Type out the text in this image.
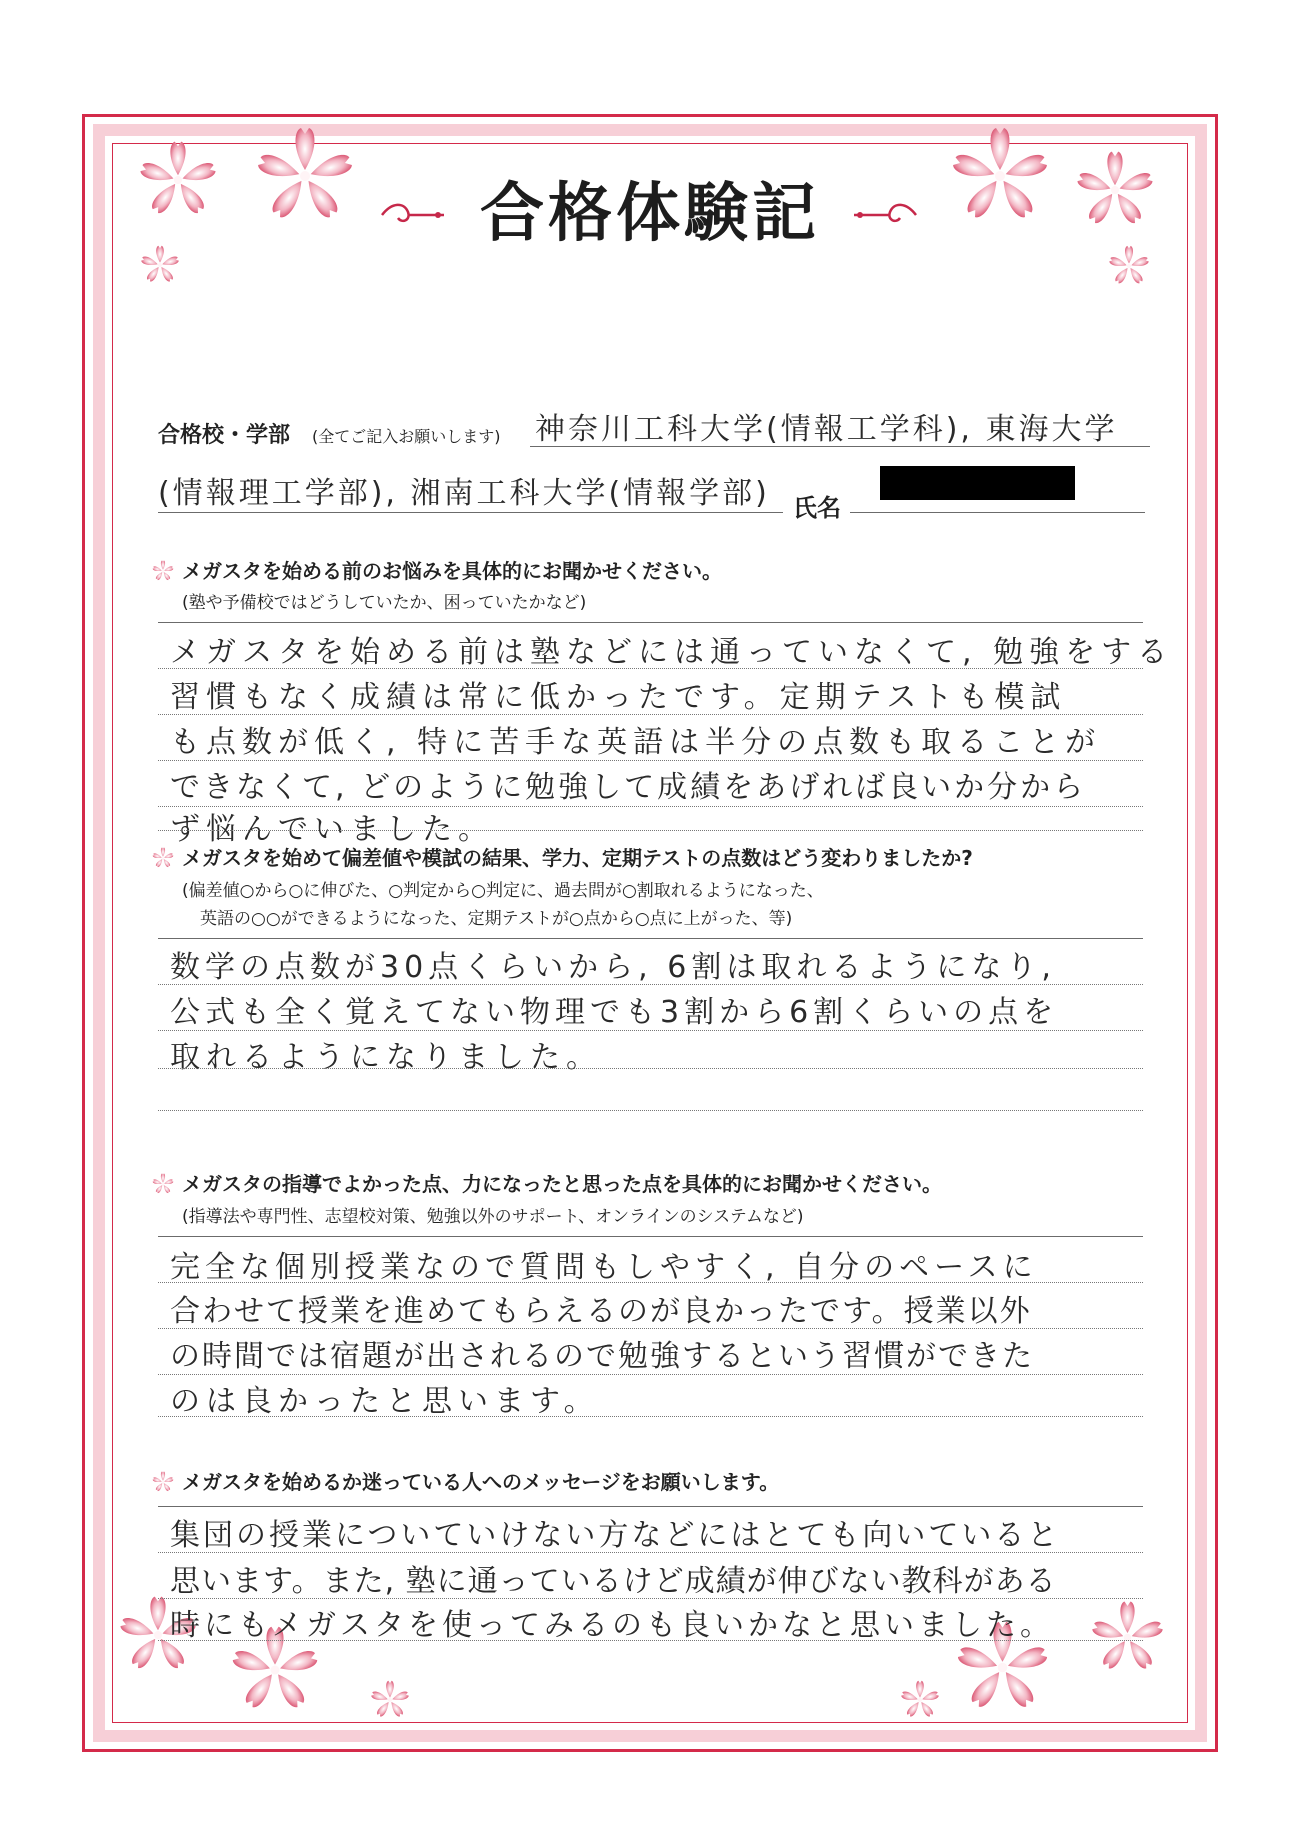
合格体験記
合格校・学部 (全てご記入お願いします) 神奈川工科大学(情報工学科), 東海大学
(情報理工学部), 湘南工科大学(情報学部) 氏名
メガスタを始める前のお悩みを具体的にお聞かせください。
(塾や予備校ではどうしていたか、困っていたかなど)
メガスタを始める前は塾などには通っていなくて, 勉強をする
習慣もなく成績は常に低かったです。定期テストも模試
も点数が低く, 特に苦手な英語は半分の点数も取ることが
できなくて, どのように勉強して成績をあげれば良いか分から
ず悩んでいました。
メガスタを始めて偏差値や模試の結果、学力、定期テストの点数はどう変わりましたか?
(偏差値○から○に伸びた、○判定から○判定に、過去問が○割取れるようになった、
英語の○○ができるようになった、定期テストが○点から○点に上がった、等)
数学の点数が30点くらいから, 6割は取れるようになり,
公式も全く覚えてない物理でも3割から6割くらいの点を
取れるようになりました。
メガスタの指導でよかった点、力になったと思った点を具体的にお聞かせください。
(指導法や専門性、志望校対策、勉強以外のサポート、オンラインのシステムなど)
完全な個別授業なので質問もしやすく, 自分のペースに
合わせて授業を進めてもらえるのが良かったです。授業以外
の時間では宿題が出されるので勉強するという習慣ができた
のは良かったと思います。
メガスタを始めるか迷っている人へのメッセージをお願いします。
集団の授業についていけない方などにはとても向いていると
思います。また, 塾に通っているけど成績が伸びない教科がある
時にもメガスタを使ってみるのも良いかなと思いました。
